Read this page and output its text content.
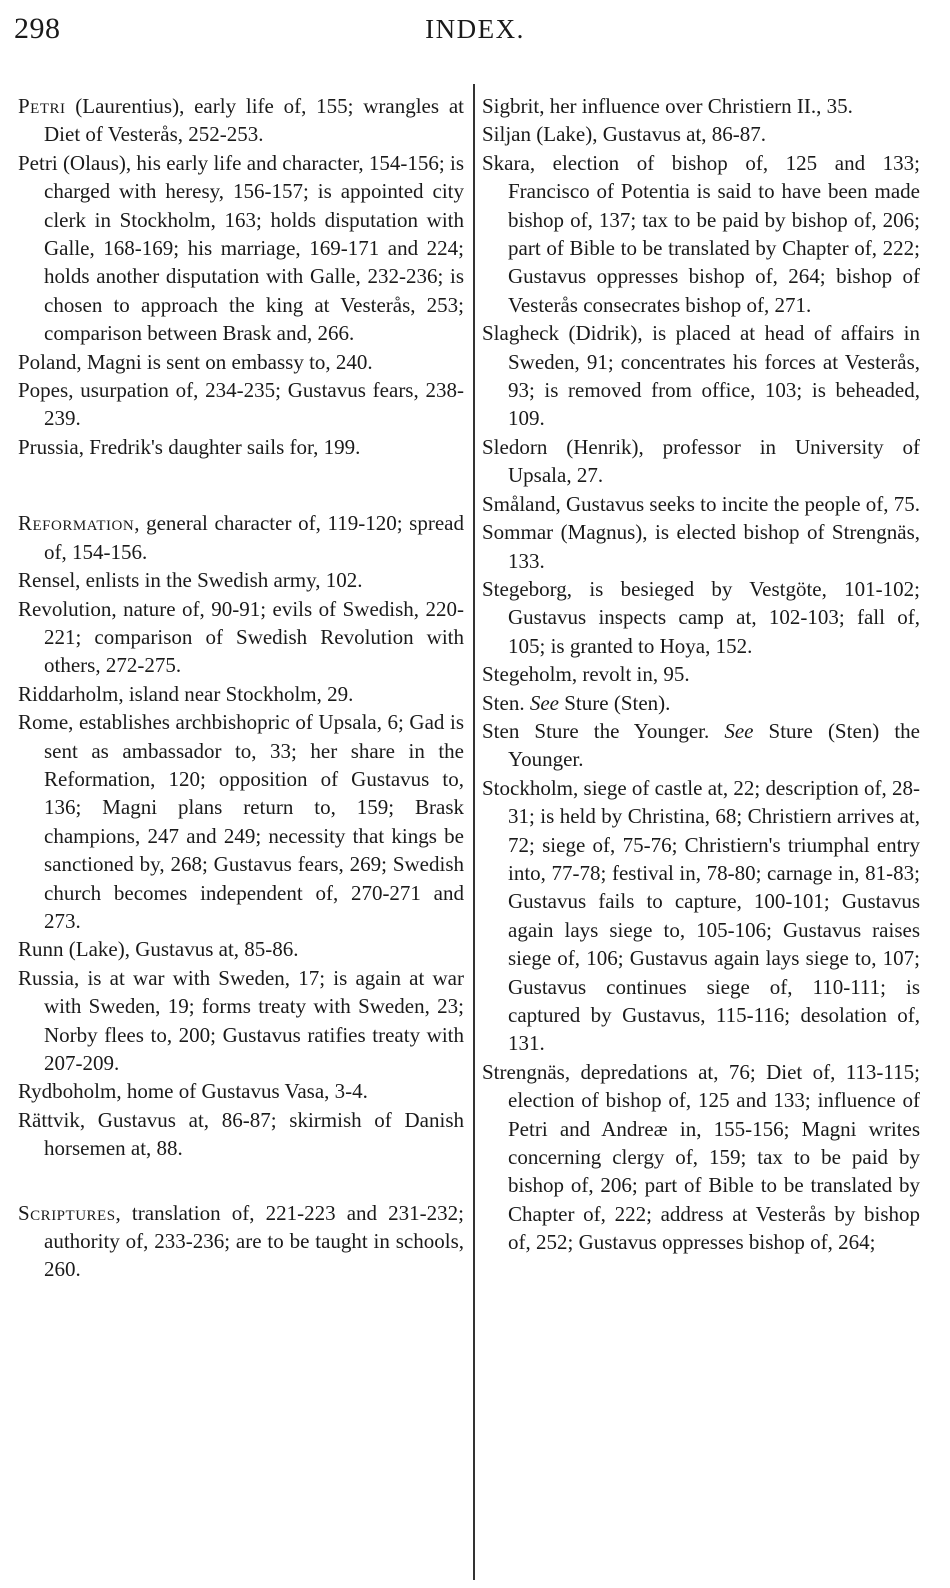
298	INDEX.

Petri (Laurentius), early life of, 155; wrangles at Diet of Vesterås, 252-253.

Petri (Olaus), his early life and character, 154-156; is charged with heresy, 156-157; is appointed city clerk in Stockholm, 163; holds disputation with Galle, 168-169; his marriage, 169-171 and 224; holds another disputation with Galle, 232-236; is chosen to approach the king at Vesterås, 253; comparison between Brask and, 266.

Poland, Magni is sent on embassy to, 240.

Popes, usurpation of, 234-235; Gustavus fears, 238-239.

Prussia, Fredrik's daughter sails for, 199.

Reformation, general character of, 119-120; spread of, 154-156.

Rensel, enlists in the Swedish army, 102.

Revolution, nature of, 90-91; evils of Swedish, 220-221; comparison of Swedish Revolution with others, 272-275.

Riddarholm, island near Stockholm, 29.

Rome, establishes archbishopric of Upsala, 6; Gad is sent as ambassador to, 33; her share in the Reformation, 120; opposition of Gustavus to, 136; Magni plans return to, 159; Brask champions, 247 and 249; necessity that kings be sanctioned by, 268; Gustavus fears, 269; Swedish church becomes independent of, 270-271 and 273.

Runn (Lake), Gustavus at, 85-86.

Russia, is at war with Sweden, 17; is again at war with Sweden, 19; forms treaty with Sweden, 23; Norby flees to, 200; Gustavus ratifies treaty with 207-209.

Rydboholm, home of Gustavus Vasa, 3-4.

Rättvik, Gustavus at, 86-87; skirmish of Danish horsemen at, 88.

Scriptures, translation of, 221-223 and 231-232; authority of, 233-236; are to be taught in schools, 260.

Sigbrit, her influence over Christiern II., 35.

Siljan (Lake), Gustavus at, 86-87.

Skara, election of bishop of, 125 and 133; Francisco of Potentia is said to have been made bishop of, 137; tax to be paid by bishop of, 206; part of Bible to be translated by Chapter of, 222; Gustavus oppresses bishop of, 264; bishop of Vesterås consecrates bishop of, 271.

Slagheck (Didrik), is placed at head of affairs in Sweden, 91; concentrates his forces at Vesterås, 93; is removed from office, 103; is beheaded, 109.

Sledorn (Henrik), professor in University of Upsala, 27.

Småland, Gustavus seeks to incite the people of, 75.

Sommar (Magnus), is elected bishop of Strengnäs, 133.

Stegeborg, is besieged by Vestgöte, 101-102; Gustavus inspects camp at, 102-103; fall of, 105; is granted to Hoya, 152.

Stegeholm, revolt in, 95.

Sten. See Sture (Sten).

Sten Sture the Younger. See Sture (Sten) the Younger.

Stockholm, siege of castle at, 22; description of, 28-31; is held by Christina, 68; Christiern arrives at, 72; siege of, 75-76; Christiern's triumphal entry into, 77-78; festival in, 78-80; carnage in, 81-83; Gustavus fails to capture, 100-101; Gustavus again lays siege to, 105-106; Gustavus raises siege of, 106; Gustavus again lays siege to, 107; Gustavus continues siege of, 110-111; is captured by Gustavus, 115-116; desolation of, 131.

Strengnäs, depredations at, 76; Diet of, 113-115; election of bishop of, 125 and 133; influence of Petri and Andreæ in, 155-156; Magni writes concerning clergy of, 159; tax to be paid by bishop of, 206; part of Bible to be translated by Chapter of, 222; address at Vesterås by bishop of, 252; Gustavus oppresses bishop of, 264;
